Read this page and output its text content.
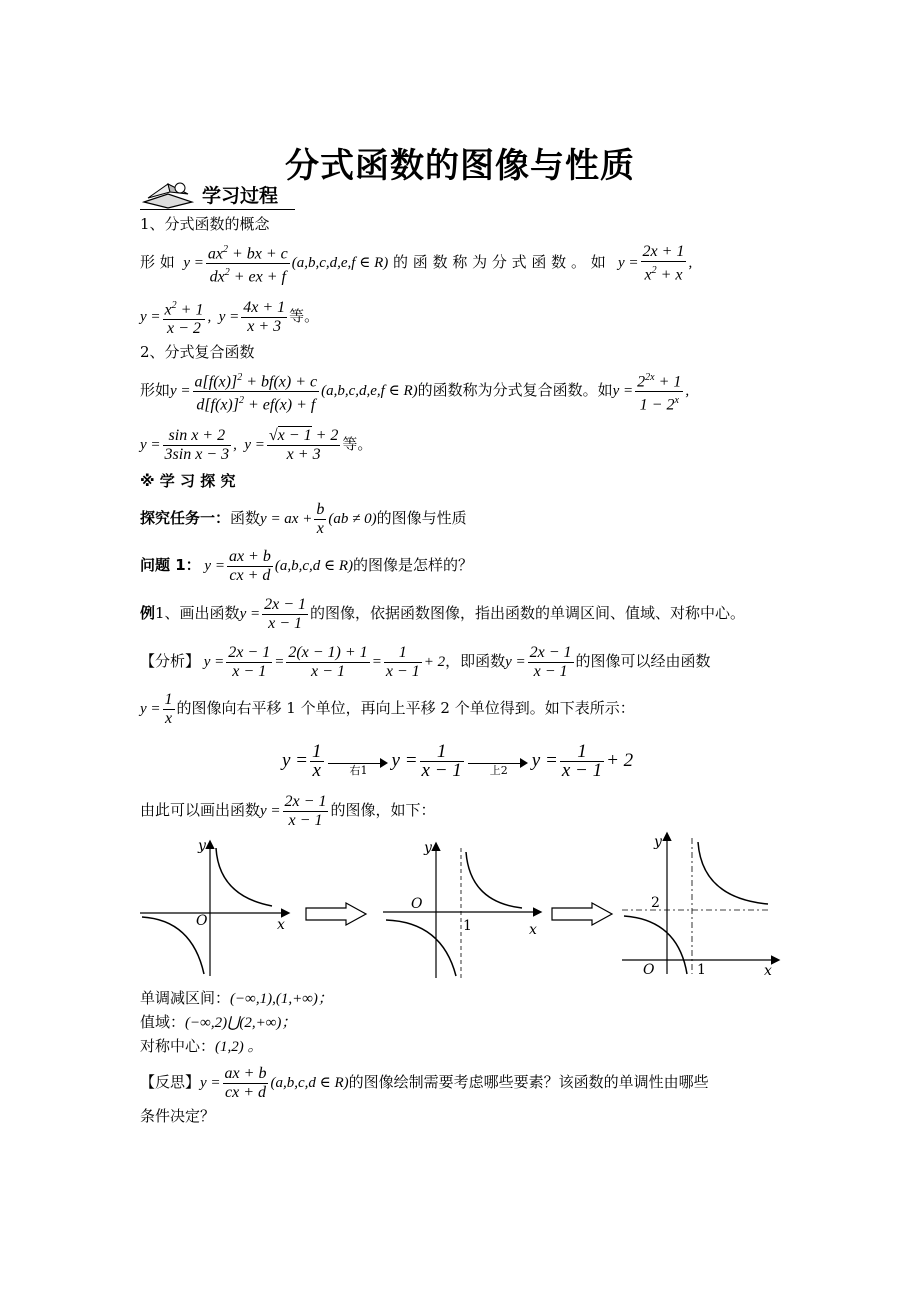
分式函数的图像与性质
学习过程
1、分式函数的概念
形 如  $y = \frac{ax^2 + bx + c}{dx^2 + ex + f} (a,b,c,d,e,f$ ∈ R) 的 函 数 称 为 分 式 函 数 。 如   $y = \frac{2x + 1}{x^2 + x}$ ,
$y = \frac{x^2 + 1}{x - 2}$ ,  $y = \frac{4x + 1}{x + 3}$ 等。
2、分式复合函数
形如$y = \frac{a[f(x)]^2 + bf(x) + c}{d[f(x)]^2 + ef(x) + f} (a,b,c,d,e,f$ ∈ R)的函数称为分式复合函数。如$y = \frac{2^{2x} + 1}{1 - 2^x}$ ,
$y = \frac{\text{sin x + 2}}{\text{3sin x − 3}}$ ,  $y = \frac{√x - 1 + 2}{x + 3}$ 等。
※ 学 习 探 究
探究任务一：函数y = ax + $\frac{b}{x} (ab \ne 0)$的图像与性质
问题 1： $y = \frac{ax + b}{cx + d} (a,b,c,d$ ∈ R)的图像是怎样的？
例1、画出函数$y = \frac{2x - 1}{x - 1}$ 的图像，依据函数图像，指出函数的单调区间、值域、对称中心。
【分析】 $y = \frac{2x - 1}{x - 1} = \frac{2(x - 1) + 1}{x - 1} = \frac{1}{x - 1} + 2$，即函数$y = \frac{2x - 1}{x - 1}$ 的图像可以经由函数
$y = \frac{1}{x}$ 的图像向右平移 1 个单位，再向上平移 2 个单位得到。如下表所示：
$y = \frac{1}{x}$	右1	$y = \frac{1}{x - 1}$	上2	$y = \frac{1}{x - 1} + 2$
由此可以画出函数$y = \frac{2x - 1}{x - 1}$ 的图像，如下：
y
O	x
y
O
1	x
y
2
O	1	x
单调减区间：(−∞,1),(1,+∞)；
值域：(−∞,2)⋃(2,+∞)；
对称中心：(1,2) 。
【反思】$y = \frac{ax + b}{cx + d} (a,b,c,d$ ∈ R)的图像绘制需要考虑哪些要素？该函数的单调性由哪些
条件决定？
